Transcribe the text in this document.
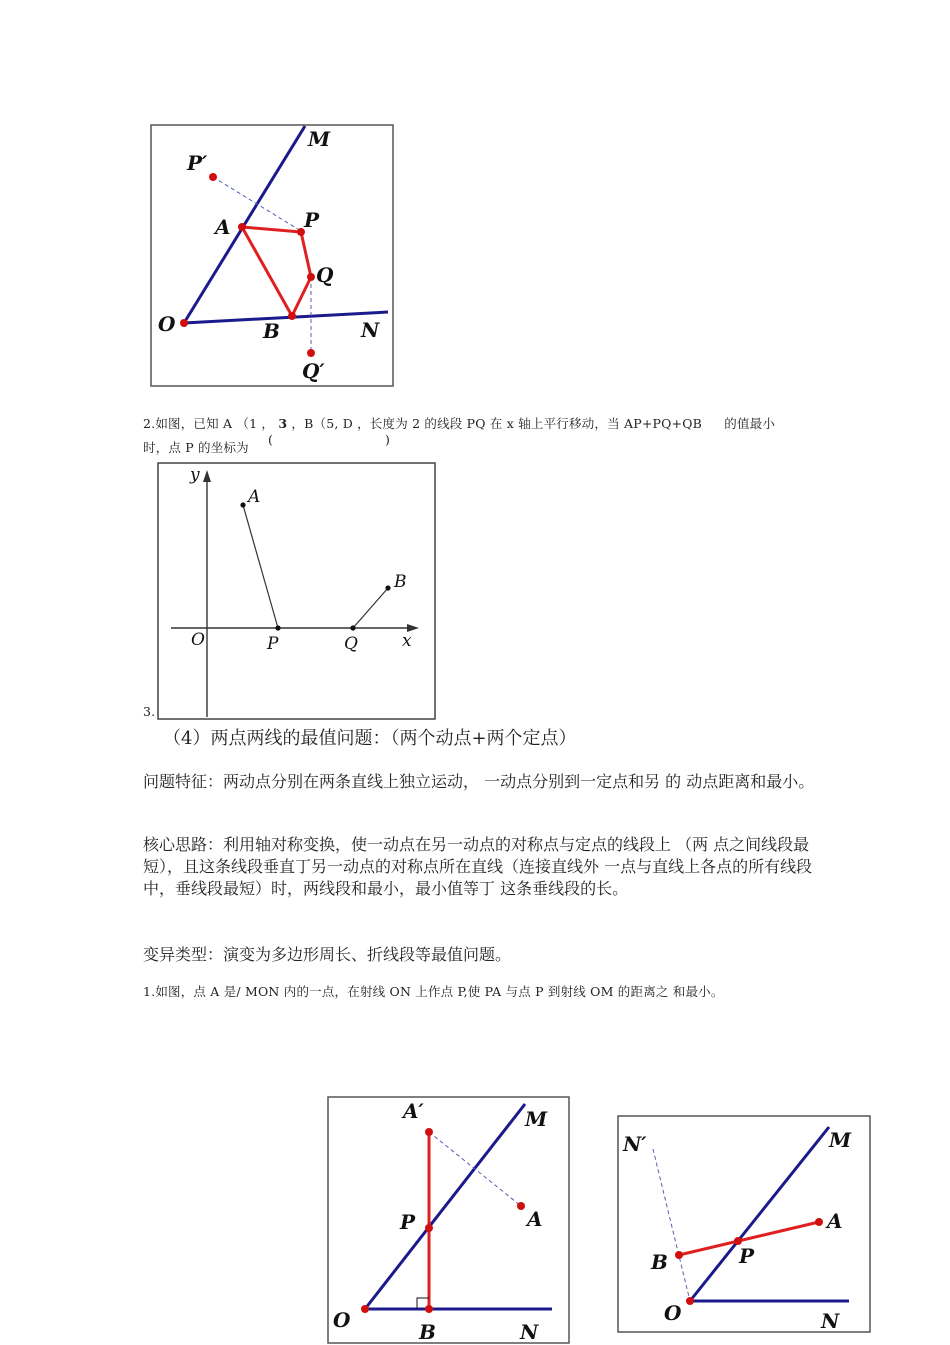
M
P′
P
A
Q
O	B	N
Q′
2.如图，已知 A （1 ， 3 ，B（5, D ，长度为 2 的线段 PQ 在 x 轴上平行移动，当 AP+PQ+QB 的值最小
时，点 P 的坐标为
(	)
y
A
B
O	P	Q	x
3.
（4）两点两线的最值问题：（两个动点+两个定点）
问题特征：两动点分别在两条直线上独立运动， 一动点分别到一定点和另 的 动点距离和最小。
核心思路：利用轴对称变换，使一动点在另一动点的对称点与定点的线段上 （两 点之间线段最短），且这条线段垂直丁另一动点的对称点所在直线（连接直线外 一点与直线上各点的所有线段中，垂线段最短）时，两线段和最小，最小值等丁 这条垂线段的长。
变异类型：演变为多边形周长、折线段等最值问题。
1.如图，点 A 是/ MON 内的一点，在射线 ON 上作点 P,使 PA 与点 P 到射线 OM 的距离之 和最小。
A′	M
P	A
O	B	N
N′	M
A
P
B
O	N
